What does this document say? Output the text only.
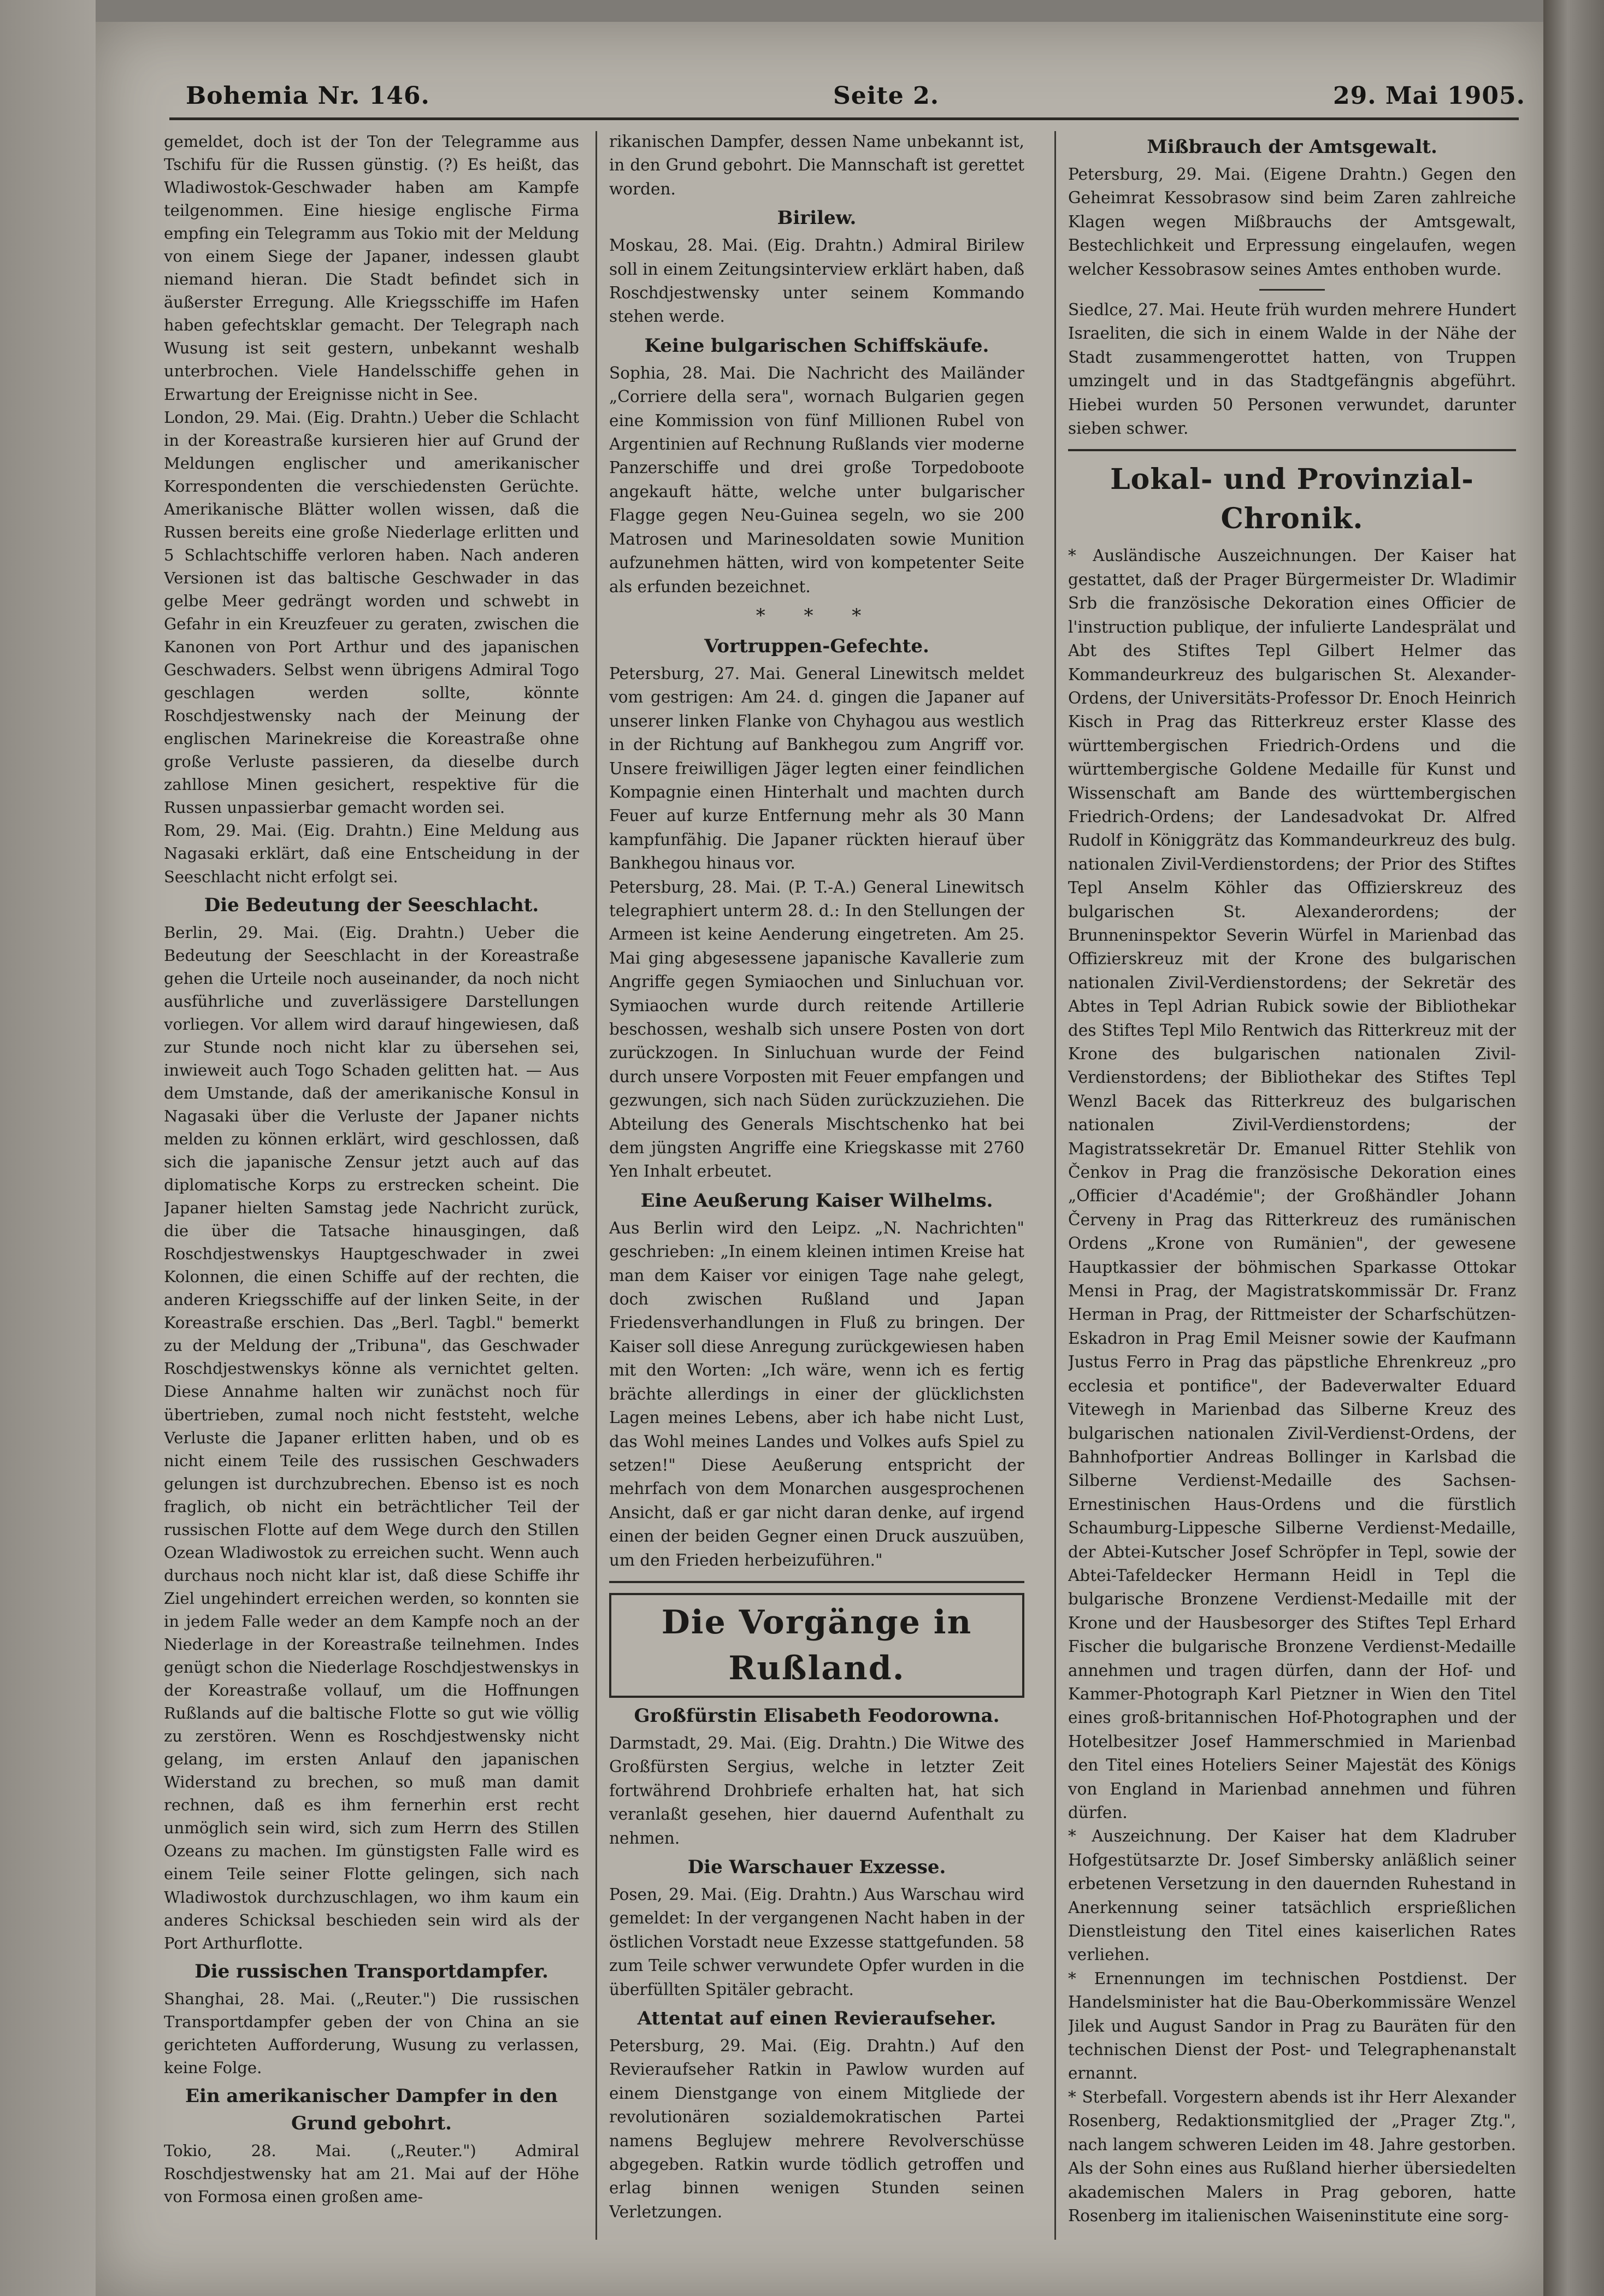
Bohemia Nr. 146.	Seite 2.	29. Mai 1905.

gemeldet, doch ist der Ton der Telegramme aus Tschifu für die Russen günstig. (?) Es heißt, das Wladiwostok-Geschwader haben am Kampfe teilgenommen. Eine hiesige englische Firma empfing ein Telegramm aus Tokio mit der Meldung von einem Siege der Japaner, indessen glaubt niemand hieran. Die Stadt befindet sich in äußerster Erregung. Alle Kriegsschiffe im Hafen haben gefechtsklar gemacht. Der Telegraph nach Wusung ist seit gestern, unbekannt weshalb unterbrochen. Viele Handelsschiffe gehen in Erwartung der Ereignisse nicht in See.

London, 29. Mai. (Eig. Drahtn.) Ueber die Schlacht in der Koreastraße kursieren hier auf Grund der Meldungen englischer und amerikanischer Korrespondenten die verschiedensten Gerüchte. Amerikanische Blätter wollen wissen, daß die Russen bereits eine große Niederlage erlitten und 5 Schlachtschiffe verloren haben. Nach anderen Versionen ist das baltische Geschwader in das gelbe Meer gedrängt worden und schwebt in Gefahr in ein Kreuzfeuer zu geraten, zwischen die Kanonen von Port Arthur und des japanischen Geschwaders. Selbst wenn übrigens Admiral Togo geschlagen werden sollte, könnte Roschdjestwensky nach der Meinung der englischen Marinekreise die Koreastraße ohne große Verluste passieren, da dieselbe durch zahllose Minen gesichert, respektive für die Russen unpassierbar gemacht worden sei.

Rom, 29. Mai. (Eig. Drahtn.) Eine Meldung aus Nagasaki erklärt, daß eine Entscheidung in der Seeschlacht nicht erfolgt sei.

Die Bedeutung der Seeschlacht.

Berlin, 29. Mai. (Eig. Drahtn.) Ueber die Bedeutung der Seeschlacht in der Koreastraße gehen die Urteile noch auseinander, da noch nicht ausführliche und zuverlässigere Darstellungen vorliegen. Vor allem wird darauf hingewiesen, daß zur Stunde noch nicht klar zu übersehen sei, inwieweit auch Togo Schaden gelitten hat. — Aus dem Umstande, daß der amerikanische Konsul in Nagasaki über die Verluste der Japaner nichts melden zu können erklärt, wird geschlossen, daß sich die japanische Zensur jetzt auch auf das diplomatische Korps zu erstrecken scheint. Die Japaner hielten Samstag jede Nachricht zurück, die über die Tatsache hinausgingen, daß Roschdjestwenskys Hauptgeschwader in zwei Kolonnen, die einen Schiffe auf der rechten, die anderen Kriegsschiffe auf der linken Seite, in der Koreastraße erschien. Das „Berl. Tagbl." bemerkt zu der Meldung der „Tribuna", das Geschwader Roschdjestwenskys könne als vernichtet gelten. Diese Annahme halten wir zunächst noch für übertrieben, zumal noch nicht feststeht, welche Verluste die Japaner erlitten haben, und ob es nicht einem Teile des russischen Geschwaders gelungen ist durchzubrechen. Ebenso ist es noch fraglich, ob nicht ein beträchtlicher Teil der russischen Flotte auf dem Wege durch den Stillen Ozean Wladiwostok zu erreichen sucht. Wenn auch durchaus noch nicht klar ist, daß diese Schiffe ihr Ziel ungehindert erreichen werden, so konnten sie in jedem Falle weder an dem Kampfe noch an der Niederlage in der Koreastraße teilnehmen. Indes genügt schon die Niederlage Roschdjestwenskys in der Koreastraße vollauf, um die Hoffnungen Rußlands auf die baltische Flotte so gut wie völlig zu zerstören. Wenn es Roschdjestwensky nicht gelang, im ersten Anlauf den japanischen Widerstand zu brechen, so muß man damit rechnen, daß es ihm fernerhin erst recht unmöglich sein wird, sich zum Herrn des Stillen Ozeans zu machen. Im günstigsten Falle wird es einem Teile seiner Flotte gelingen, sich nach Wladiwostok durchzuschlagen, wo ihm kaum ein anderes Schicksal beschieden sein wird als der Port Arthurflotte.

Die russischen Transportdampfer.

Shanghai, 28. Mai. („Reuter.") Die russischen Transportdampfer geben der von China an sie gerichteten Aufforderung, Wusung zu verlassen, keine Folge.

Ein amerikanischer Dampfer in den Grund gebohrt.

Tokio, 28. Mai. („Reuter.") Admiral Roschdjestwensky hat am 21. Mai auf der Höhe von Formosa einen großen ame-

rikanischen Dampfer, dessen Name unbekannt ist, in den Grund gebohrt. Die Mannschaft ist gerettet worden.

Birilew.

Moskau, 28. Mai. (Eig. Drahtn.) Admiral Birilew soll in einem Zeitungsinterview erklärt haben, daß Roschdjestwensky unter seinem Kommando stehen werde.

Keine bulgarischen Schiffskäufe.

Sophia, 28. Mai. Die Nachricht des Mailänder „Corriere della sera", wornach Bulgarien gegen eine Kommission von fünf Millionen Rubel von Argentinien auf Rechnung Rußlands vier moderne Panzerschiffe und drei große Torpedoboote angekauft hätte, welche unter bulgarischer Flagge gegen Neu-Guinea segeln, wo sie 200 Matrosen und Marinesoldaten sowie Munition aufzunehmen hätten, wird von kompetenter Seite als erfunden bezeichnet.

* * *
Vortruppen-Gefechte.

Petersburg, 27. Mai. General Linewitsch meldet vom gestrigen: Am 24. d. gingen die Japaner auf unserer linken Flanke von Chyhagou aus westlich in der Richtung auf Bankhegou zum Angriff vor. Unsere freiwilligen Jäger legten einer feindlichen Kompagnie einen Hinterhalt und machten durch Feuer auf kurze Entfernung mehr als 30 Mann kampfunfähig. Die Japaner rückten hierauf über Bankhegou hinaus vor.

Petersburg, 28. Mai. (P. T.-A.) General Linewitsch telegraphiert unterm 28. d.: In den Stellungen der Armeen ist keine Aenderung eingetreten. Am 25. Mai ging abgesessene japanische Kavallerie zum Angriffe gegen Symiaochen und Sinluchuan vor. Symiaochen wurde durch reitende Artillerie beschossen, weshalb sich unsere Posten von dort zurückzogen. In Sinluchuan wurde der Feind durch unsere Vorposten mit Feuer empfangen und gezwungen, sich nach Süden zurückzuziehen. Die Abteilung des Generals Mischtschenko hat bei dem jüngsten Angriffe eine Kriegskasse mit 2760 Yen Inhalt erbeutet.

Eine Aeußerung Kaiser Wilhelms.

Aus Berlin wird den Leipz. „N. Nachrichten" geschrieben: „In einem kleinen intimen Kreise hat man dem Kaiser vor einigen Tage nahe gelegt, doch zwischen Rußland und Japan Friedensverhandlungen in Fluß zu bringen. Der Kaiser soll diese Anregung zurückgewiesen haben mit den Worten: „Ich wäre, wenn ich es fertig brächte allerdings in einer der glücklichsten Lagen meines Lebens, aber ich habe nicht Lust, das Wohl meines Landes und Volkes aufs Spiel zu setzen!" Diese Aeußerung entspricht der mehrfach von dem Monarchen ausgesprochenen Ansicht, daß er gar nicht daran denke, auf irgend einen der beiden Gegner einen Druck auszuüben, um den Frieden herbeizuführen."

Die Vorgänge in Rußland.
Großfürstin Elisabeth Feodorowna.

Darmstadt, 29. Mai. (Eig. Drahtn.) Die Witwe des Großfürsten Sergius, welche in letzter Zeit fortwährend Drohbriefe erhalten hat, hat sich veranlaßt gesehen, hier dauernd Aufenthalt zu nehmen.

Die Warschauer Exzesse.

Posen, 29. Mai. (Eig. Drahtn.) Aus Warschau wird gemeldet: In der vergangenen Nacht haben in der östlichen Vorstadt neue Exzesse stattgefunden. 58 zum Teile schwer verwundete Opfer wurden in die überfüllten Spitäler gebracht.

Attentat auf einen Revieraufseher.

Petersburg, 29. Mai. (Eig. Drahtn.) Auf den Revieraufseher Ratkin in Pawlow wurden auf einem Dienstgange von einem Mitgliede der revolutionären sozialdemokratischen Partei namens Beglujew mehrere Revolverschüsse abgegeben. Ratkin wurde tödlich getroffen und erlag binnen wenigen Stunden seinen Verletzungen.

Mißbrauch der Amtsgewalt.

Petersburg, 29. Mai. (Eigene Drahtn.) Gegen den Geheimrat Kessobrasow sind beim Zaren zahlreiche Klagen wegen Mißbrauchs der Amtsgewalt, Bestechlichkeit und Erpressung eingelaufen, wegen welcher Kessobrasow seines Amtes enthoben wurde.

Siedlce, 27. Mai. Heute früh wurden mehrere Hundert Israeliten, die sich in einem Walde in der Nähe der Stadt zusammengerottet hatten, von Truppen umzingelt und in das Stadtgefängnis abgeführt. Hiebei wurden 50 Personen verwundet, darunter sieben schwer.

Lokal- und Provinzial-Chronik.

* Ausländische Auszeichnungen. Der Kaiser hat gestattet, daß der Prager Bürgermeister Dr. Wladimir Srb die französische Dekoration eines Officier de l'instruction publique, der infulierte Landesprälat und Abt des Stiftes Tepl Gilbert Helmer das Kommandeurkreuz des bulgarischen St. Alexander-Ordens, der Universitäts-Professor Dr. Enoch Heinrich Kisch in Prag das Ritterkreuz erster Klasse des württembergischen Friedrich-Ordens und die württembergische Goldene Medaille für Kunst und Wissenschaft am Bande des württembergischen Friedrich-Ordens; der Landesadvokat Dr. Alfred Rudolf in Königgrätz das Kommandeurkreuz des bulg. nationalen Zivil-Verdienstordens; der Prior des Stiftes Tepl Anselm Köhler das Offizierskreuz des bulgarischen St. Alexanderordens; der Brunneninspektor Severin Würfel in Marienbad das Offizierskreuz mit der Krone des bulgarischen nationalen Zivil-Verdienstordens; der Sekretär des Abtes in Tepl Adrian Rubick sowie der Bibliothekar des Stiftes Tepl Milo Rentwich das Ritterkreuz mit der Krone des bulgarischen nationalen Zivil-Verdienstordens; der Bibliothekar des Stiftes Tepl Wenzl Bacek das Ritterkreuz des bulgarischen nationalen Zivil-Verdienstordens; der Magistratssekretär Dr. Emanuel Ritter Stehlik von Čenkov in Prag die französische Dekoration eines „Officier d'Académie"; der Großhändler Johann Červeny in Prag das Ritterkreuz des rumänischen Ordens „Krone von Rumänien", der gewesene Hauptkassier der böhmischen Sparkasse Ottokar Mensi in Prag, der Magistratskommissär Dr. Franz Herman in Prag, der Rittmeister der Scharfschützen-Eskadron in Prag Emil Meisner sowie der Kaufmann Justus Ferro in Prag das päpstliche Ehrenkreuz „pro ecclesia et pontifice", der Badeverwalter Eduard Vitewegh in Marienbad das Silberne Kreuz des bulgarischen nationalen Zivil-Verdienst-Ordens, der Bahnhofportier Andreas Bollinger in Karlsbad die Silberne Verdienst-Medaille des Sachsen-Ernestinischen Haus-Ordens und die fürstlich Schaumburg-Lippesche Silberne Verdienst-Medaille, der Abtei-Kutscher Josef Schröpfer in Tepl, sowie der Abtei-Tafeldecker Hermann Heidl in Tepl die bulgarische Bronzene Verdienst-Medaille mit der Krone und der Hausbesorger des Stiftes Tepl Erhard Fischer die bulgarische Bronzene Verdienst-Medaille annehmen und tragen dürfen, dann der Hof- und Kammer-Photograph Karl Pietzner in Wien den Titel eines groß-britannischen Hof-Photographen und der Hotelbesitzer Josef Hammerschmied in Marienbad den Titel eines Hoteliers Seiner Majestät des Königs von England in Marienbad annehmen und führen dürfen.

* Auszeichnung. Der Kaiser hat dem Kladruber Hofgestütsarzte Dr. Josef Simbersky anläßlich seiner erbetenen Versetzung in den dauernden Ruhestand in Anerkennung seiner tatsächlich ersprießlichen Dienstleistung den Titel eines kaiserlichen Rates verliehen.

* Ernennungen im technischen Postdienst. Der Handelsminister hat die Bau-Oberkommissäre Wenzel Jilek und August Sandor in Prag zu Bauräten für den technischen Dienst der Post- und Telegraphenanstalt ernannt.

* Sterbefall. Vorgestern abends ist ihr Herr Alexander Rosenberg, Redaktionsmitglied der „Prager Ztg.", nach langem schweren Leiden im 48. Jahre gestorben. Als der Sohn eines aus Rußland hierher übersiedelten akademischen Malers in Prag geboren, hatte Rosenberg im italienischen Waiseninstitute eine sorg-
